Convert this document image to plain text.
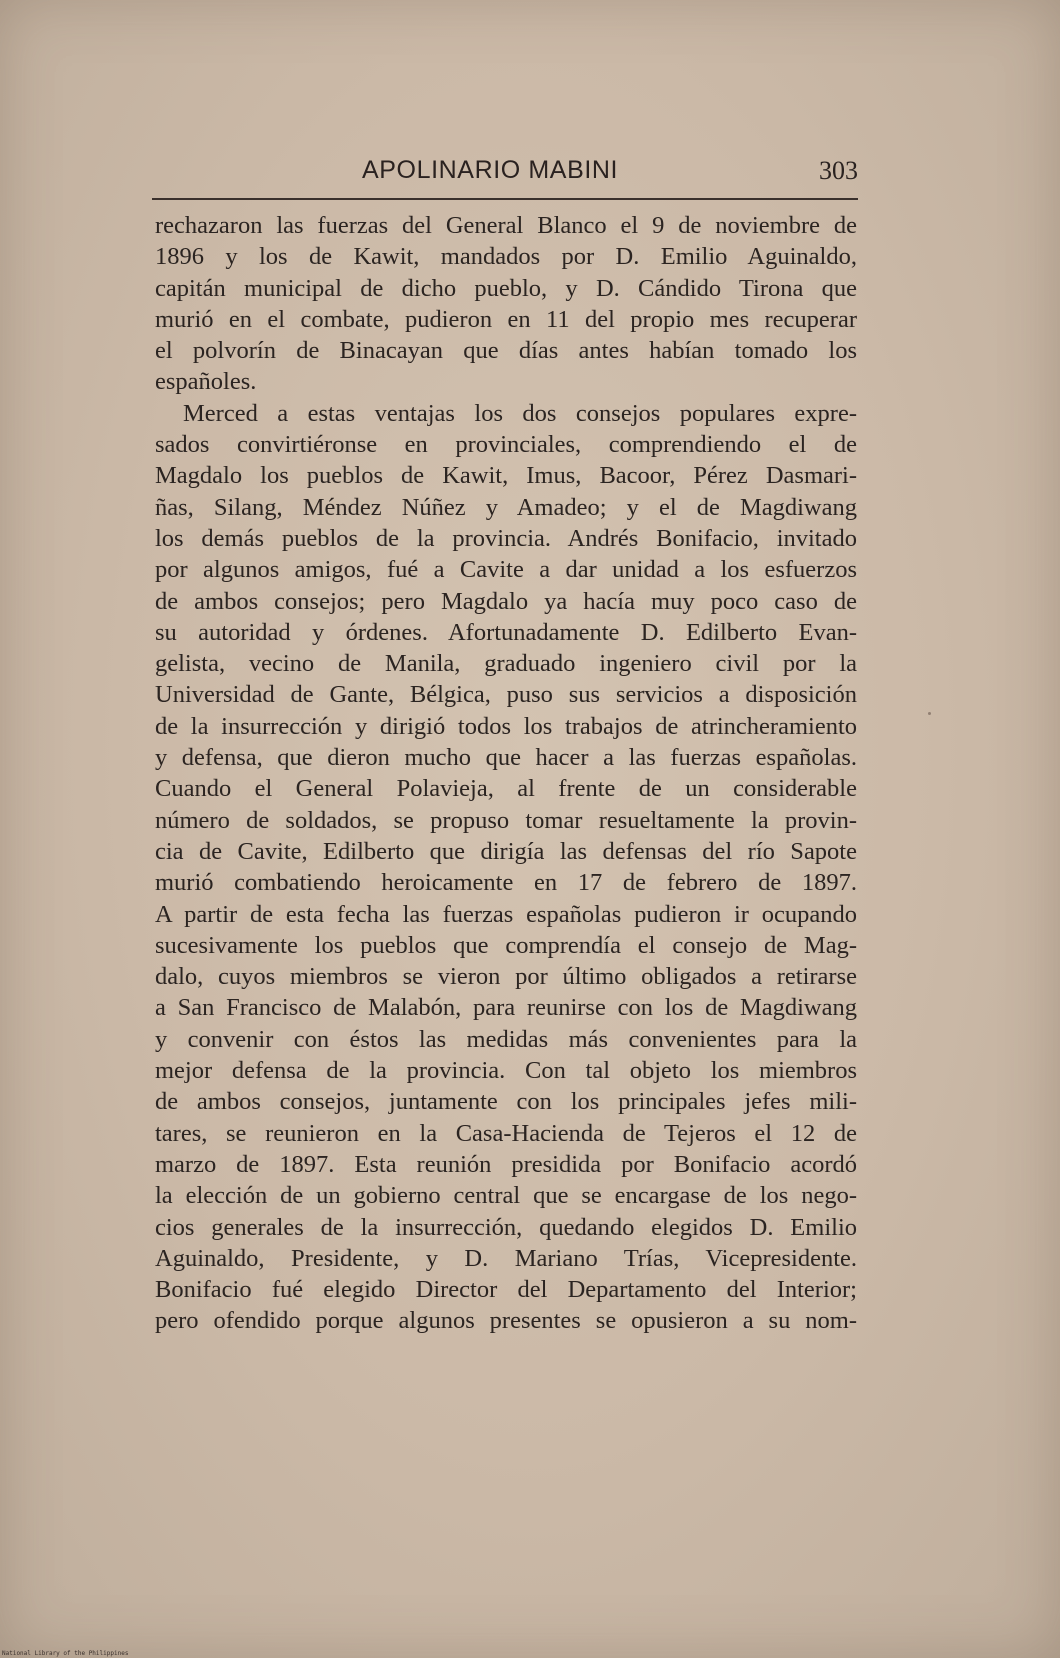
APOLINARIO MABINI	303
rechazaron las fuerzas del General Blanco el 9 de noviembre de
1896 y los de Kawit, mandados por D. Emilio Aguinaldo,
capitán municipal de dicho pueblo, y D. Cándido Tirona que
murió en el combate, pudieron en 11 del propio mes recuperar
el polvorín de Binacayan que días antes habían tomado los
españoles.
Merced a estas ventajas los dos consejos populares expre-
sados convirtiéronse en provinciales, comprendiendo el de
Magdalo los pueblos de Kawit, Imus, Bacoor, Pérez Dasmari-
ñas, Silang, Méndez Núñez y Amadeo; y el de Magdiwang
los demás pueblos de la provincia. Andrés Bonifacio, invitado
por algunos amigos, fué a Cavite a dar unidad a los esfuerzos
de ambos consejos; pero Magdalo ya hacía muy poco caso de
su autoridad y órdenes. Afortunadamente D. Edilberto Evan-
gelista, vecino de Manila, graduado ingeniero civil por la
Universidad de Gante, Bélgica, puso sus servicios a disposición
de la insurrección y dirigió todos los trabajos de atrincheramiento
y defensa, que dieron mucho que hacer a las fuerzas españolas.
Cuando el General Polavieja, al frente de un considerable
número de soldados, se propuso tomar resueltamente la provin-
cia de Cavite, Edilberto que dirigía las defensas del río Sapote
murió combatiendo heroicamente en 17 de febrero de 1897.
A partir de esta fecha las fuerzas españolas pudieron ir ocupando
sucesivamente los pueblos que comprendía el consejo de Mag-
dalo, cuyos miembros se vieron por último obligados a retirarse
a San Francisco de Malabón, para reunirse con los de Magdiwang
y convenir con éstos las medidas más convenientes para la
mejor defensa de la provincia. Con tal objeto los miembros
de ambos consejos, juntamente con los principales jefes mili-
tares, se reunieron en la Casa-Hacienda de Tejeros el 12 de
marzo de 1897. Esta reunión presidida por Bonifacio acordó
la elección de un gobierno central que se encargase de los nego-
cios generales de la insurrección, quedando elegidos D. Emilio
Aguinaldo, Presidente, y D. Mariano Trías, Vicepresidente.
Bonifacio fué elegido Director del Departamento del Interior;
pero ofendido porque algunos presentes se opusieron a su nom-
National Library of the Philippines
